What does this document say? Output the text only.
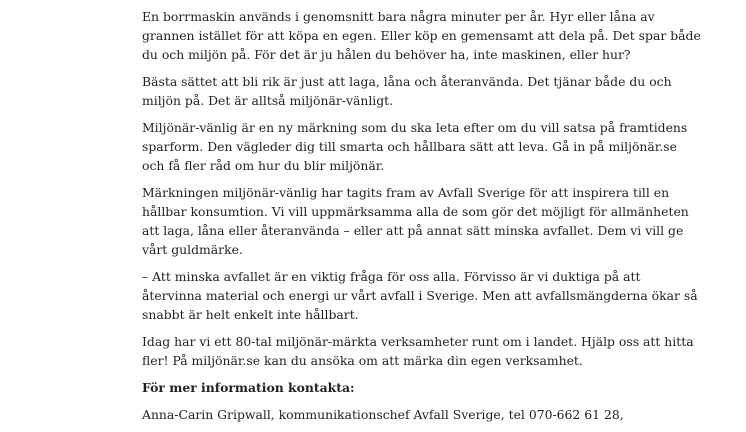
En borrmaskin används i genomsnitt bara några minuter per år. Hyr eller låna av grannen istället för att köpa en egen. Eller köp en gemensamt att dela på. Det spar både du och miljön på. För det är ju hålen du behöver ha, inte maskinen, eller hur?

Bästa sättet att bli rik är just att laga, låna och återanvända. Det tjänar både du och miljön på. Det är alltså miljönär-vänligt.

Miljönär-vänlig är en ny märkning som du ska leta efter om du vill satsa på framtidens sparform. Den vägleder dig till smarta och hållbara sätt att leva. Gå in på miljönär.se och få fler råd om hur du blir miljönär.

Märkningen miljönär-vänlig har tagits fram av Avfall Sverige för att inspirera till en hållbar konsumtion. Vi vill uppmärksamma alla de som gör det möjligt för allmänheten att laga, låna eller återanvända – eller att på annat sätt minska avfallet. Dem vi vill ge vårt guldmärke.

– Att minska avfallet är en viktig fråga för oss alla. Förvisso är vi duktiga på att återvinna material och energi ur vårt avfall i Sverige. Men att avfallsmängderna ökar så snabbt är helt enkelt inte hållbart.

Idag har vi ett 80-tal miljönär-märkta verksamheter runt om i landet. Hjälp oss att hitta fler! På miljönär.se kan du ansöka om att märka din egen verksamhet.

För mer information kontakta:

Anna-Carin Gripwall, kommunikationschef Avfall Sverige, tel 070-662 61 28,
